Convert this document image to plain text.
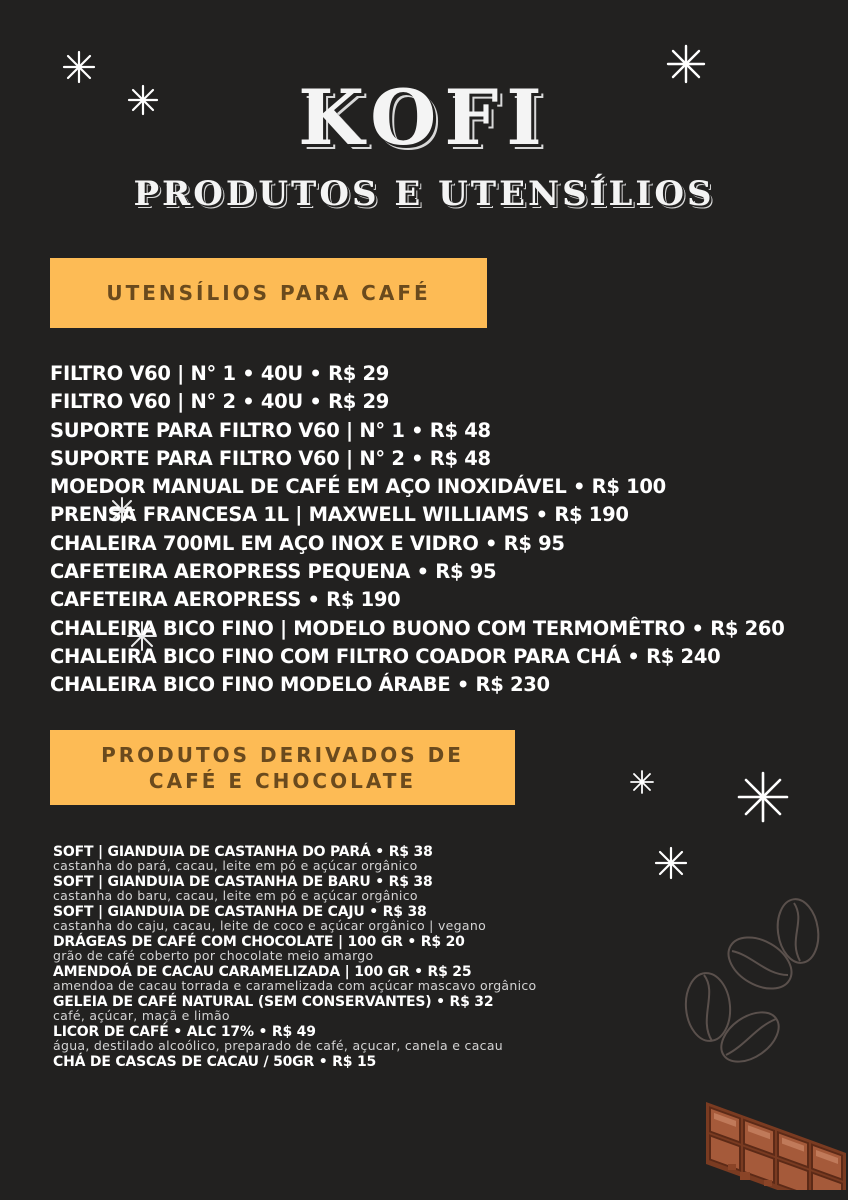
KOFI
PRODUTOS E UTENSÍLIOS
UTENSÍLIOS PARA CAFÉ
FILTRO V60 | N° 1 • 40U • R$ 29
FILTRO V60 | N° 2 • 40U • R$ 29
SUPORTE PARA FILTRO V60 | N° 1 • R$ 48
SUPORTE PARA FILTRO V60 | N° 2 • R$ 48
MOEDOR MANUAL DE CAFÉ EM AÇO INOXIDÁVEL • R$ 100
PRENSA FRANCESA 1L | MAXWELL WILLIAMS • R$ 190
CHALEIRA 700ML EM AÇO INOX E VIDRO • R$ 95
CAFETEIRA AEROPRESS PEQUENA • R$ 95
CAFETEIRA AEROPRESS • R$ 190
CHALEIRA BICO FINO | MODELO BUONO COM TERMOMÊTRO • R$ 260
CHALEIRA BICO FINO COM FILTRO COADOR PARA CHÁ • R$ 240
CHALEIRA BICO FINO MODELO ÁRABE • R$ 230
PRODUTOS DERIVADOS DE
CAFÉ E CHOCOLATE
SOFT | GIANDUIA DE CASTANHA DO PARÁ • R$ 38
castanha do pará, cacau, leite em pó e açúcar orgânico
SOFT | GIANDUIA DE CASTANHA DE BARU • R$ 38
castanha do baru, cacau, leite em pó e açúcar orgânico
SOFT | GIANDUIA DE CASTANHA DE CAJU • R$ 38
castanha do caju, cacau, leite de coco e açúcar orgânico | vegano
DRÁGEAS DE CAFÉ COM CHOCOLATE | 100 GR • R$ 20
grão de café coberto por chocolate meio amargo
AMENDOÁ DE CACAU CARAMELIZADA | 100 GR • R$ 25
amendoa de cacau torrada e caramelizada com açúcar mascavo orgânico
GELEIA DE CAFÉ NATURAL (SEM CONSERVANTES) • R$ 32
café, açúcar, maçã e limão
LICOR DE CAFÉ • ALC 17% • R$ 49
água, destilado alcoólico, preparado de café, açucar, canela e cacau
CHÁ DE CASCAS DE CACAU / 50GR • R$ 15
